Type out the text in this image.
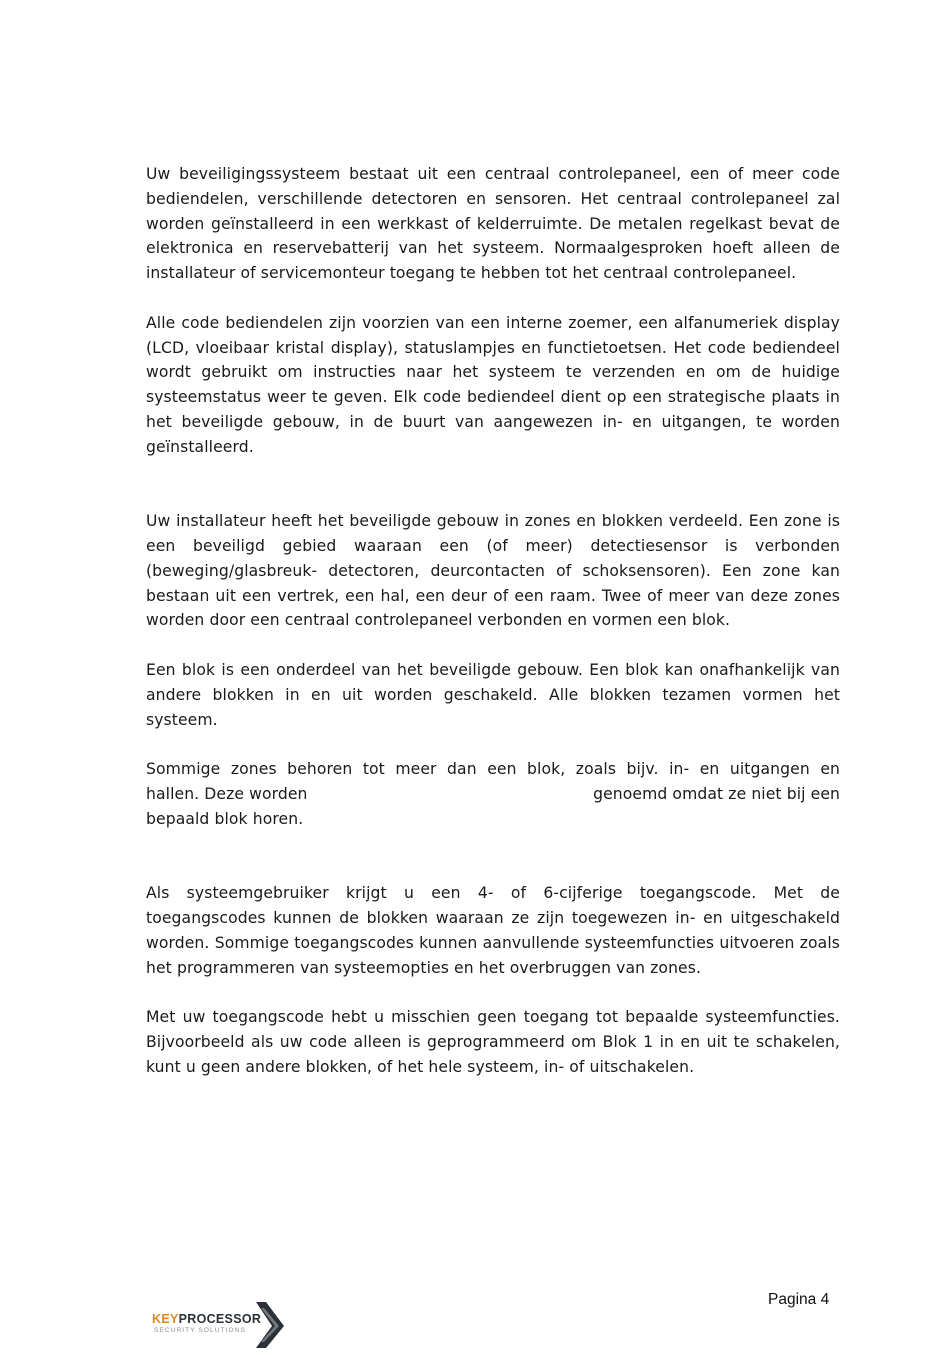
Uw beveiligingssysteem bestaat uit een centraal controlepaneel, een of meer code bediendelen, verschillende detectoren en sensoren. Het centraal controlepaneel zal worden geïnstalleerd in een werkkast of kelderruimte. De metalen regelkast bevat de elektronica en reservebatterij van het systeem. Normaalgesproken hoeft alleen de installateur of servicemonteur toegang te hebben tot het centraal controlepaneel.

Alle code bediendelen zijn voorzien van een interne zoemer, een alfanumeriek display (LCD, vloeibaar kristal display), statuslampjes en functietoetsen. Het code bediendeel wordt gebruikt om instructies naar het systeem te verzenden en om de huidige systeemstatus weer te geven. Elk code bediendeel dient op een strategische plaats in het beveiligde gebouw, in de buurt van aangewezen in- en uitgangen, te worden geïnstalleerd.

Uw installateur heeft het beveiligde gebouw in zones en blokken verdeeld. Een zone is een beveiligd gebied waaraan een (of meer) detectiesensor is verbonden (beweging/glasbreuk- detectoren, deurcontacten of schoksensoren). Een zone kan bestaan uit een vertrek, een hal, een deur of een raam. Twee of meer van deze zones worden door een centraal controlepaneel verbonden en vormen een blok.

Een blok is een onderdeel van het beveiligde gebouw. Een blok kan onafhankelijk van andere blokken in en uit worden geschakeld. Alle blokken tezamen vormen het systeem.

Sommige zones behoren tot meer dan een blok, zoals bijv. in- en uitgangen en
hallen. Deze worden	genoemd omdat ze niet bij een
bepaald blok horen.

Als systeemgebruiker krijgt u een 4- of 6-cijferige toegangscode. Met de toegangscodes kunnen de blokken waaraan ze zijn toegewezen in- en uitgeschakeld worden. Sommige toegangscodes kunnen aanvullende systeemfuncties uitvoeren zoals het programmeren van systeemopties en het overbruggen van zones.

Met uw toegangscode hebt u misschien geen toegang tot bepaalde systeemfuncties. Bijvoorbeeld als uw code alleen is geprogrammeerd om Blok 1 in en uit te schakelen, kunt u geen andere blokken, of het hele systeem, in- of uitschakelen.

Pagina 4
KEYPROCESSOR
SECURITY SOLUTIONS
